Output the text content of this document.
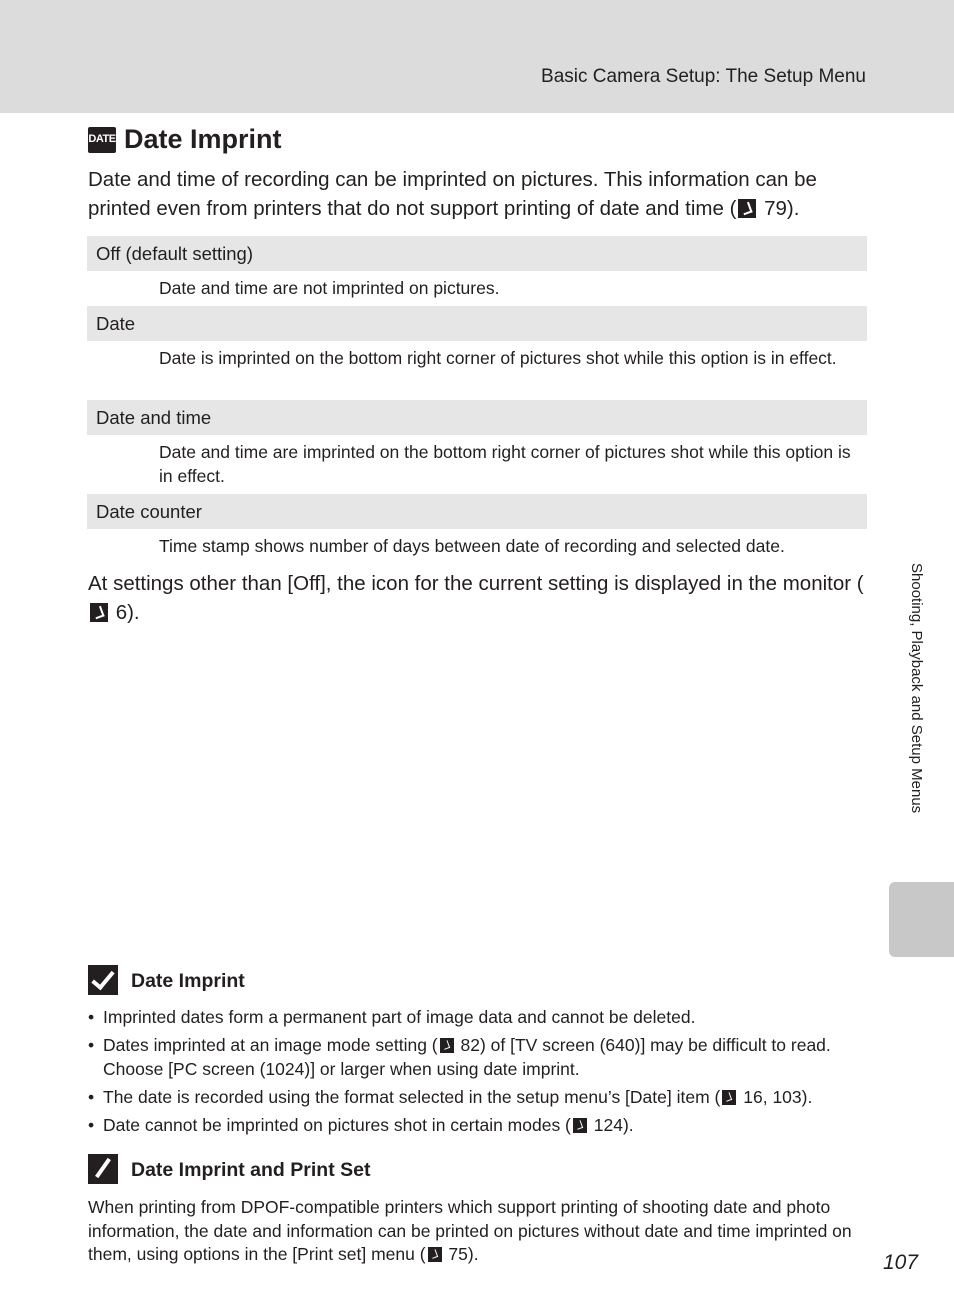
Basic Camera Setup: The Setup Menu
DATE Date Imprint

Date and time of recording can be imprinted on pictures. This information can be printed even from printers that do not support printing of date and time ( 79).

Off (default setting)
Date and time are not imprinted on pictures.
Date
Date is imprinted on the bottom right corner of pictures shot while this option is in effect.
Date and time
Date and time are imprinted on the bottom right corner of pictures shot while this option is in effect.
Date counter
Time stamp shows number of days between date of recording and selected date.

At settings other than [Off], the icon for the current setting is displayed in the monitor ( 6).	Shooting, Playback and Setup Menus
Date Imprint
• Imprinted dates form a permanent part of image data and cannot be deleted.
• Dates imprinted at an image mode setting ( 82) of [TV screen (640)] may be difficult to read. Choose [PC screen (1024)] or larger when using date imprint.
• The date is recorded using the format selected in the setup menu’s [Date] item ( 16, 103).
• Date cannot be imprinted on pictures shot in certain modes ( 124).
Date Imprint and Print Set

When printing from DPOF-compatible printers which support printing of shooting date and photo information, the date and information can be printed on pictures without date and time imprinted on them, using options in the [Print set] menu ( 75).	107
